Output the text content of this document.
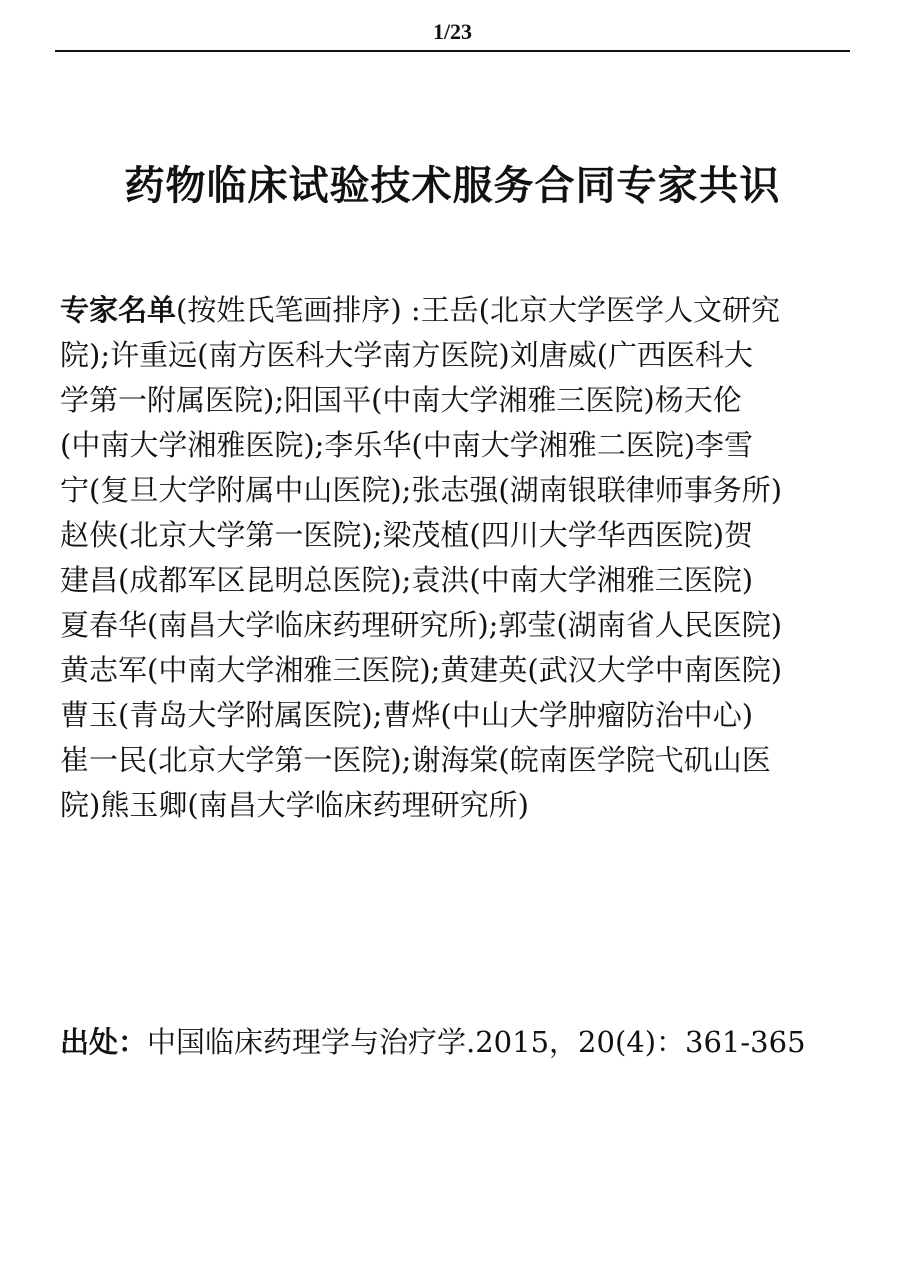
1/23
药物临床试验技术服务合同专家共识
专家名单(按姓氏笔画排序) :王岳(北京大学医学人文研究
院);许重远(南方医科大学南方医院)刘唐威(广西医科大
学第一附属医院);阳国平(中南大学湘雅三医院)杨天伦
(中南大学湘雅医院);李乐华(中南大学湘雅二医院)李雪
宁(复旦大学附属中山医院);张志强(湖南银联律师事务所)
赵侠(北京大学第一医院);梁茂植(四川大学华西医院)贺
建昌(成都军区昆明总医院);袁洪(中南大学湘雅三医院)
夏春华(南昌大学临床药理研究所);郭莹(湖南省人民医院)
黄志军(中南大学湘雅三医院);黄建英(武汉大学中南医院)
曹玉(青岛大学附属医院);曹烨(中山大学肿瘤防治中心)
崔一民(北京大学第一医院);谢海棠(皖南医学院弋矶山医
院)熊玉卿(南昌大学临床药理研究所)
出处：中国临床药理学与治疗学.2015，20(4)：361-365
